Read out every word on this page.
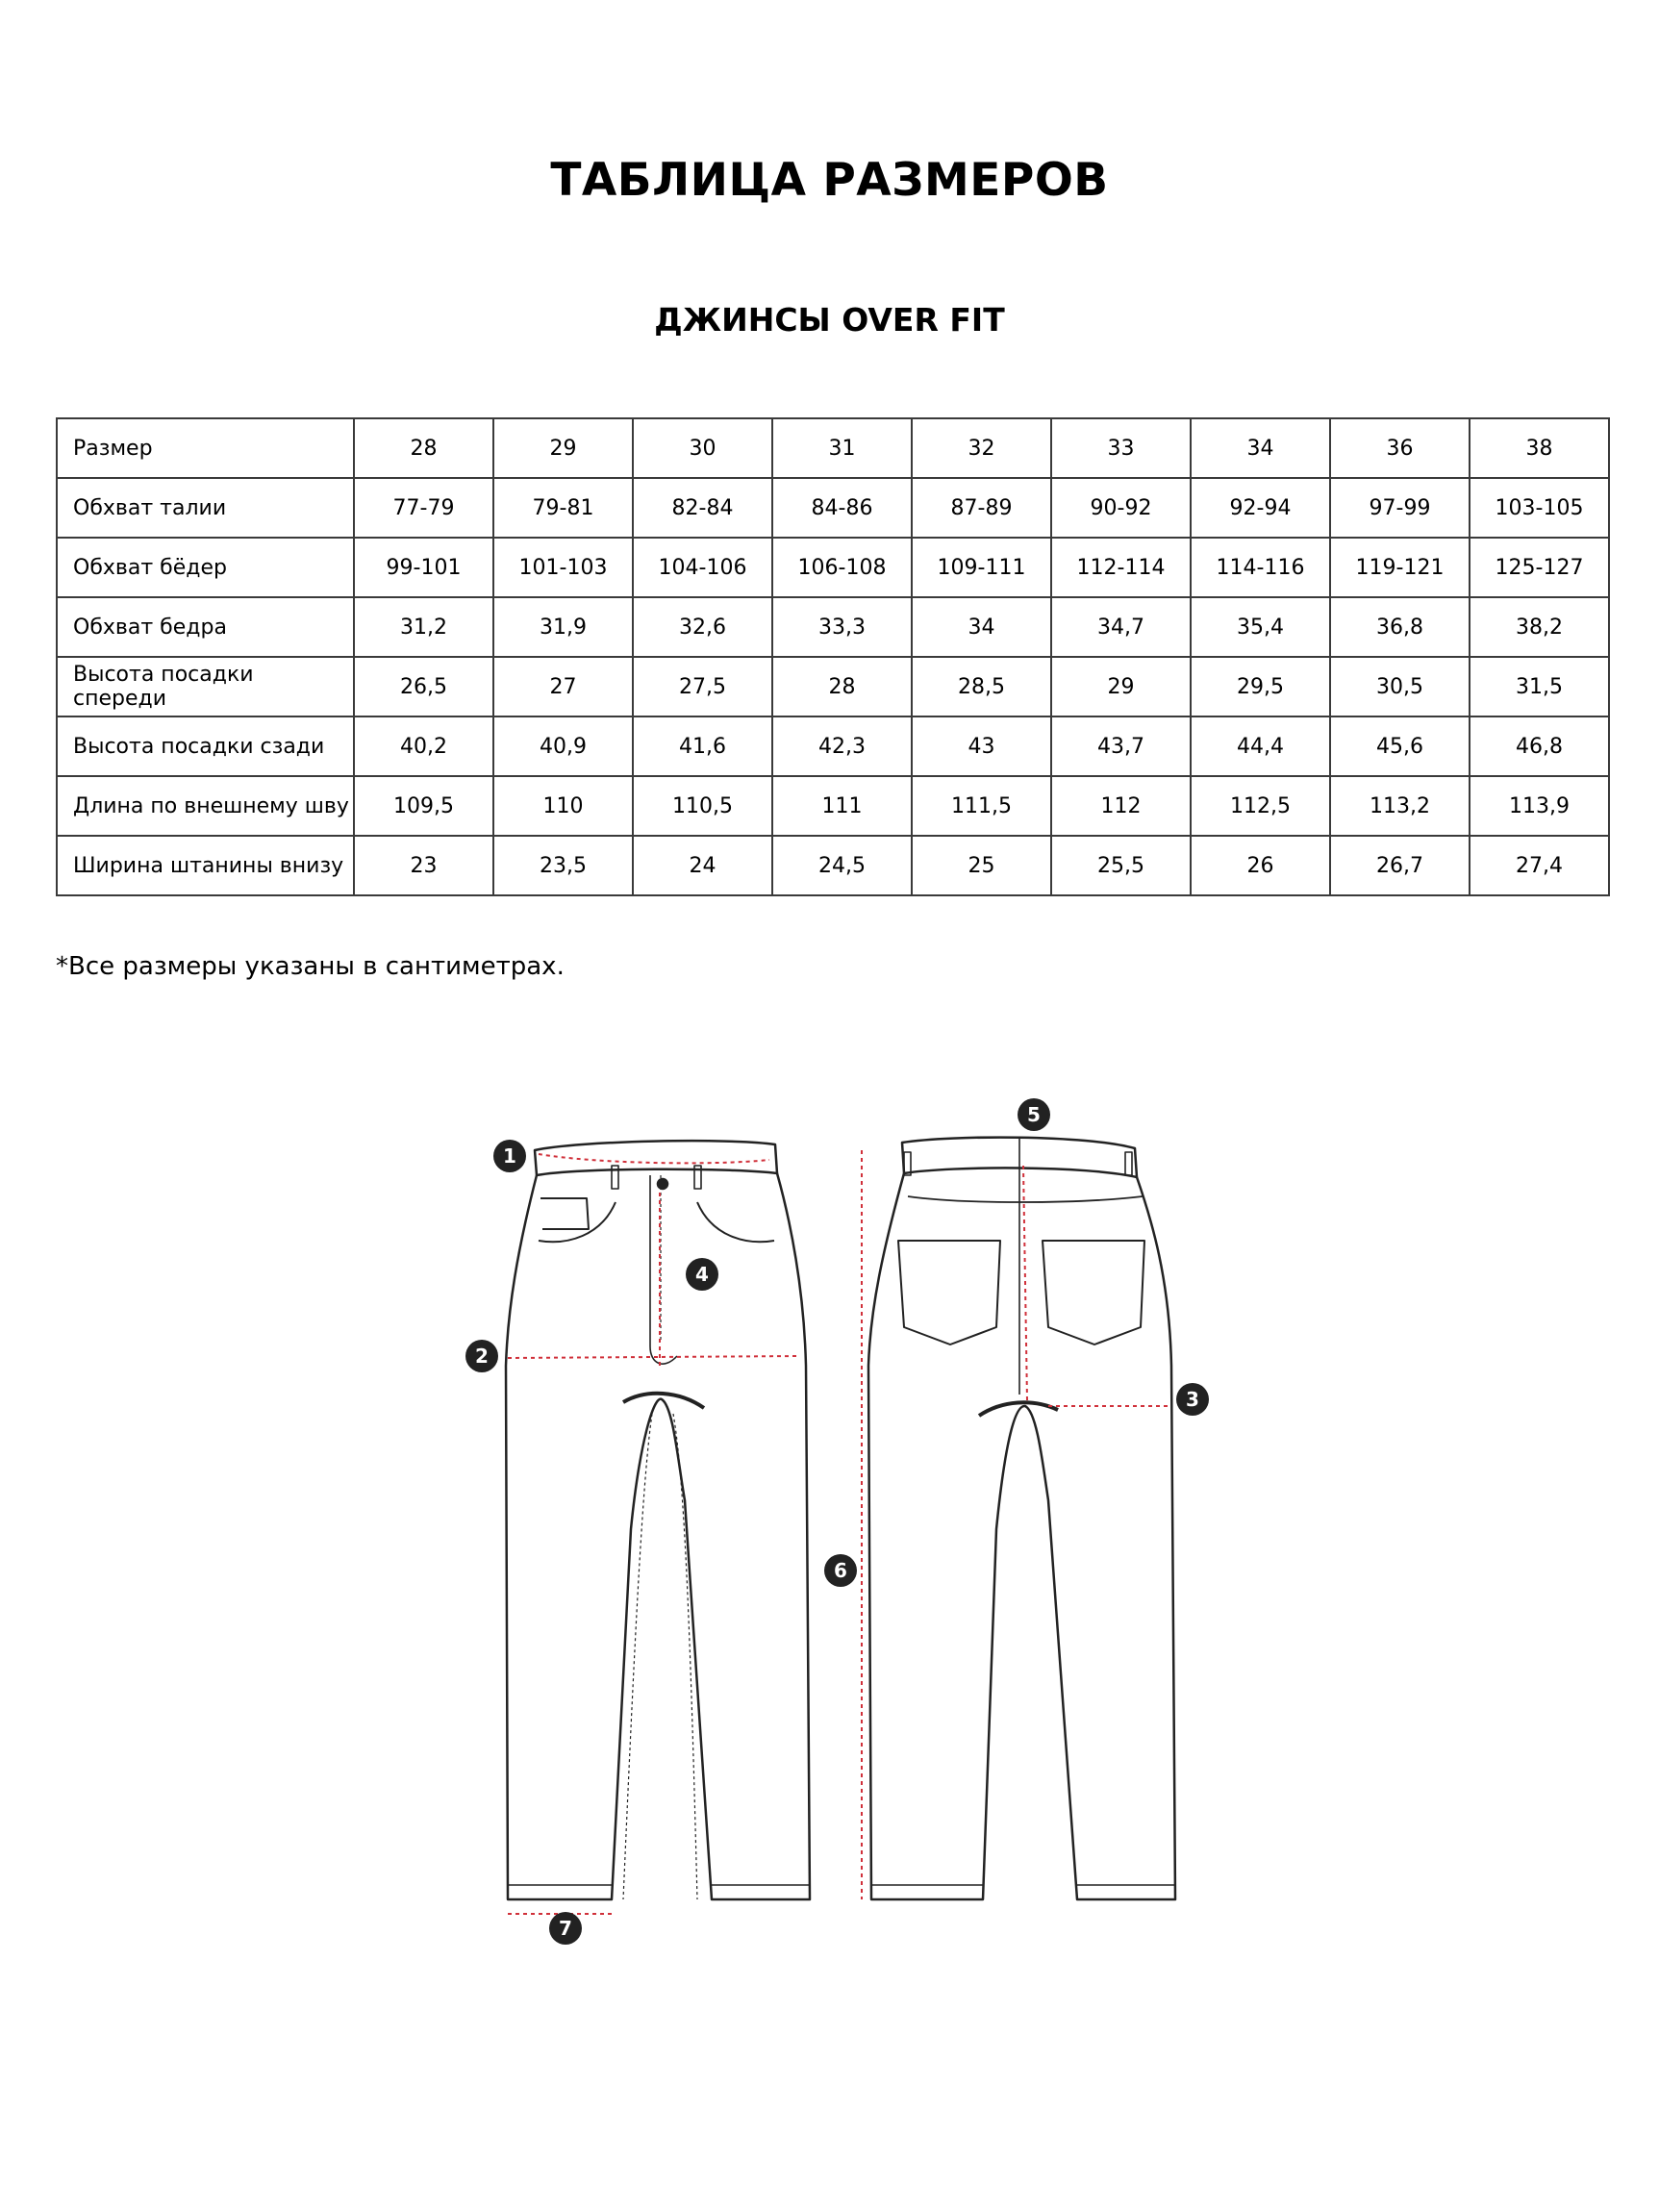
ТАБЛИЦА РАЗМЕРОВ
ДЖИНСЫ OVER FIT
Размер	28	29	30	31	32	33	34	36	38
Обхват талии	77-79	79-81	82-84	84-86	87-89	90-92	92-94	97-99	103-105
Обхват бёдер	99-101	101-103	104-106	106-108	109-111	112-114	114-116	119-121	125-127
Обхват бедра	31,2	31,9	32,6	33,3	34	34,7	35,4	36,8	38,2
Высота посадки спереди	26,5	27	27,5	28	28,5	29	29,5	30,5	31,5
Высота посадки сзади	40,2	40,9	41,6	42,3	43	43,7	44,4	45,6	46,8
Длина по внешнему шву	109,5	110	110,5	111	111,5	112	112,5	113,2	113,9
Ширина штанины внизу	23	23,5	24	24,5	25	25,5	26	26,7	27,4
*Все размеры указаны в сантиметрах.
1
2
3
4
5
6
7
